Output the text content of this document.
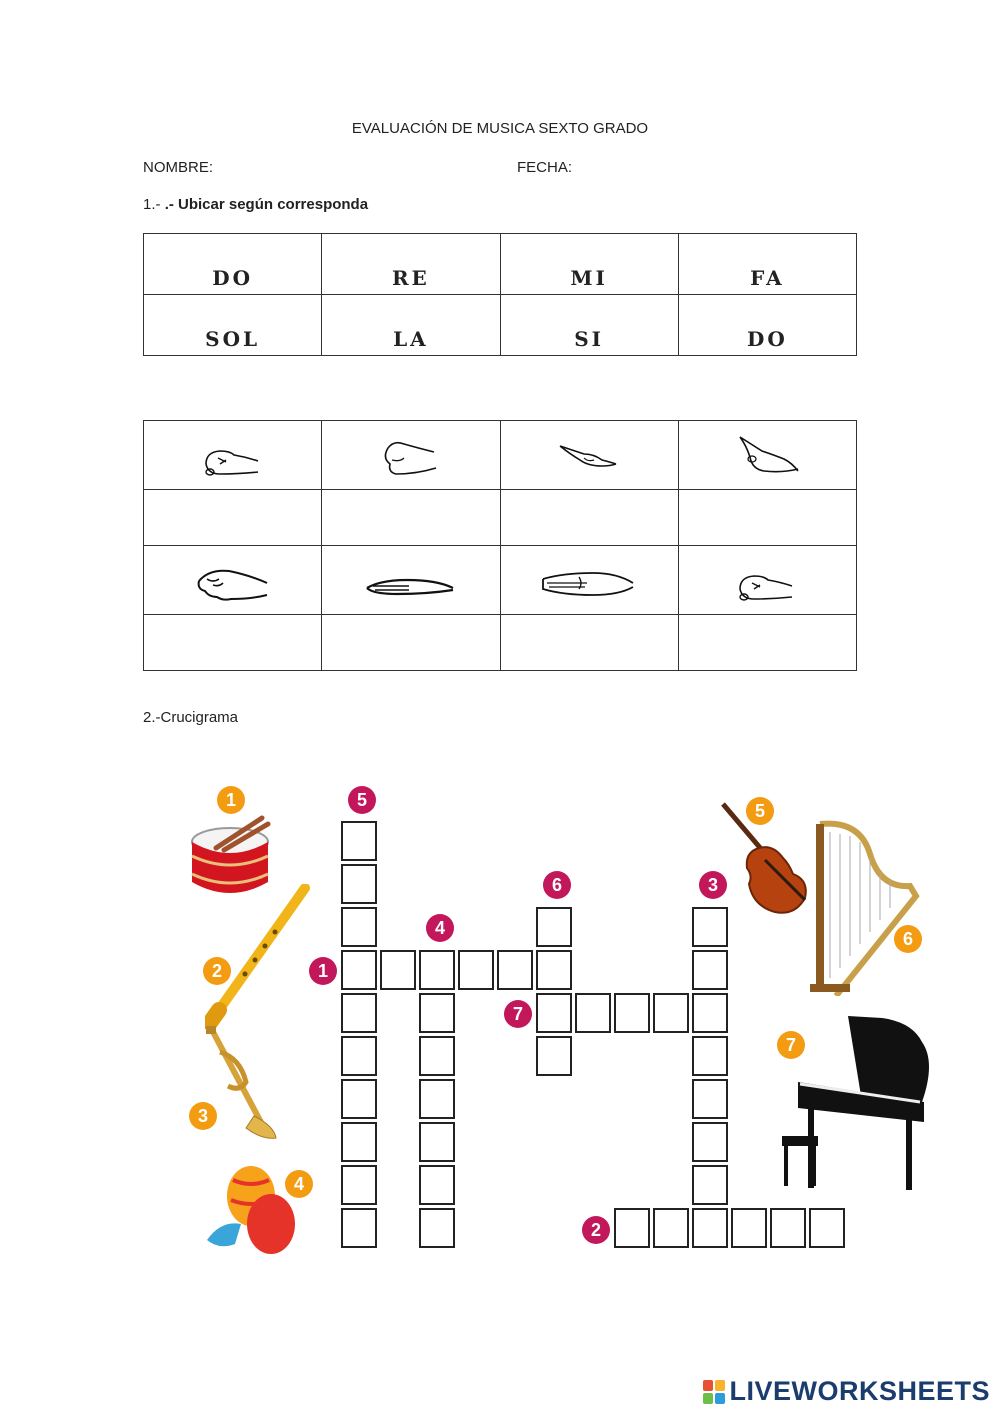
EVALUACIÓN DE MUSICA SEXTO GRADO
NOMBRE:	FECHA:
1.- .- Ubicar según corresponda
DO	RE	MI	FA
SOL	LA	SI	DO

2.-Crucigrama
5
4
6	3
1
7
2
1
2
3
4
5
6
7
LIVEWORKSHEETS
